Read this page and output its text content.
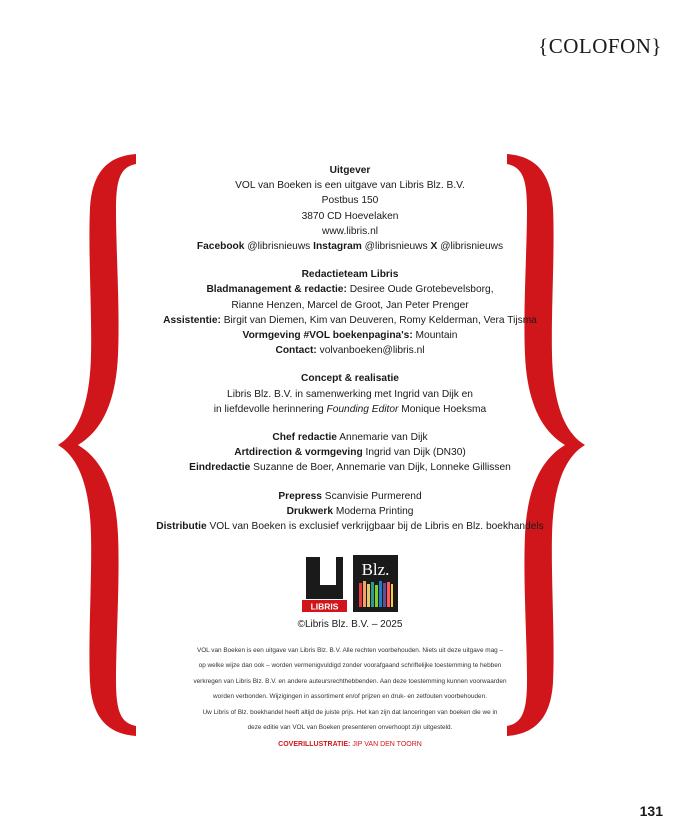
{COLOFON}

Uitgever

VOL van Boeken is een uitgave van Libris Blz. B.V.

Postbus 150

3870 CD Hoevelaken

www.libris.nl

Facebook @librisnieuws Instagram @librisnieuws X @librisnieuws

Redactieteam Libris

Bladmanagement & redactie: Desiree Oude Grotebevelsborg,

Rianne Henzen, Marcel de Groot, Jan Peter Prenger

Assistentie: Birgit van Diemen, Kim van Deuveren, Romy Kelderman, Vera Tijsma

Vormgeving #VOL boekenpagina's: Mountain

Contact: volvanboeken@libris.nl

Concept & realisatie

Libris Blz. B.V. in samenwerking met Ingrid van Dijk en

in liefdevolle herinnering Founding Editor Monique Hoeksma

Chef redactie Annemarie van Dijk

Artdirection & vormgeving Ingrid van Dijk (DN30)

Eindredactie Suzanne de Boer, Annemarie van Dijk, Lonneke Gillissen

Prepress Scanvisie Purmerend

Drukwerk Moderna Printing

Distributie VOL van Boeken is exclusief verkrijgbaar bij de Libris en Blz. boekhandels

LIBRIS
Blz.
©Libris Blz. B.V. – 2025

VOL van Boeken is een uitgave van Libris Blz. B.V. Alle rechten voorbehouden. Niets uit deze uitgave mag –

op welke wijze dan ook – worden vermenigvuldigd zonder voorafgaand schriftelijke toestemming te hebben

verkregen van Libris Blz. B.V. en andere auteursrechthebbenden. Aan deze toestemming kunnen voorwaarden

worden verbonden. Wijzigingen in assortiment en/of prijzen en druk- en zetfouten voorbehouden.

Uw Libris of Blz. boekhandel heeft altijd de juiste prijs. Het kan zijn dat lanceringen van boeken die we in

deze editie van VOL van Boeken presenteren onverhoopt zijn uitgesteld.

COVERILLUSTRATIE: JIP VAN DEN TOORN
131
